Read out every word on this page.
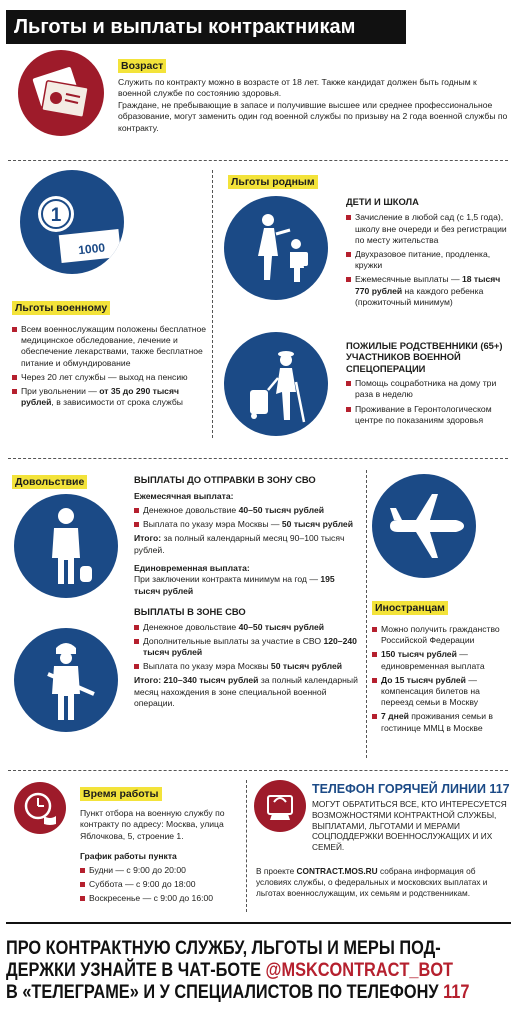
Льготы и выплаты контрактникам
Возраст

Служить по контракту можно в возрасте от 18 лет. Также кандидат должен быть годным к военной службе по состоянию здоровья.

Граждане, не пребывающие в запасе и получившие высшее или среднее профессиональное образование, могут заменить один год военной службы по призыву на 2 года военной службы по контракту.

1
1000
Льготы военному
Всем военнослужащим положены бесплатное медицинское обследование, лечение и обеспечение лекарствами, также бесплатное питание и обмундирование
Через 20 лет службы — выход на пенсию
При увольнении — от 35 до 290 тысяч рублей, в зависимости от срока службы
Льготы родным
ДЕТИ И ШКОЛА
Зачисление в любой сад (с 1,5 года), школу вне очереди и без регистрации по месту жительства
Двухразовое питание, продленка, кружки
Ежемесячные выплаты — 18 тысяч 770 рублей на каждого ребенка (прожиточный минимум)
ПОЖИЛЫЕ РОДСТВЕННИКИ (65+) УЧАСТНИКОВ ВОЕННОЙ СПЕЦОПЕРАЦИИ
Помощь соцработника на дому три раза в неделю
Проживание в Геронтологическом центре по показаниям здоровья
Довольствие	ВЫПЛАТЫ ДО ОТПРАВКИ В ЗОНУ СВО
Ежемесячная выплата:
Денежное довольствие 40–50 тысяч рублей
Выплата по указу мэра Москвы — 50 тысяч рублей

Итого: за полный календарный месяц 90–100 тысяч рублей.

Единовременная выплата:

При заключении контракта минимум на год — 195 тысяч рублей

ВЫПЛАТЫ В ЗОНЕ СВО
Денежное довольствие 40–50 тысяч рублей
Дополнительные выплаты за участие в СВО 120–240 тысяч рублей
Выплата по указу мэра Москвы 50 тысяч рублей

Итого: 210–340 тысяч рублей за полный календарный месяц нахождения в зоне специальной военной операции.

Иностранцам
Можно получить гражданство Российской Федерации
150 тысяч рублей — единовременная выплата
До 15 тысяч рублей — компенсация билетов на переезд семьи в Москву
7 дней проживания семьи в гостинице ММЦ в Москве
Время работы

Пункт отбора на военную службу по контракту по адресу: Москва, улица Яблочкова, 5, строение 1.

График работы пункта
Будни — с 9:00 до 20:00
Суббота — с 9:00 до 18:00
Воскресенье — с 9:00 до 16:00
ТЕЛЕФОН ГОРЯЧЕЙ ЛИНИИ 117

МОГУТ ОБРАТИТЬСЯ ВСЕ, КТО ИНТЕРЕСУЕТСЯ ВОЗМОЖНОСТЯМИ КОНТРАКТНОЙ СЛУЖБЫ, ВЫПЛАТАМИ, ЛЬГОТАМИ И МЕРАМИ СОЦПОДДЕРЖКИ ВОЕННОСЛУЖАЩИХ И ИХ СЕМЕЙ.

В проекте CONTRACT.MOS.RU собрана информация об условиях службы, о федеральных и московских выплатах и льготах военнослужащим, их семьям и родственникам.

ПРО КОНТРАКТНУЮ СЛУЖБУ, ЛЬГОТЫ И МЕРЫ ПОД-
ДЕРЖКИ УЗНАЙТЕ В ЧАТ-БОТЕ @MSKCONTRACT_BOT
В «ТЕЛЕГРАМЕ» И У СПЕЦИАЛИСТОВ ПО ТЕЛЕФОНУ 117
